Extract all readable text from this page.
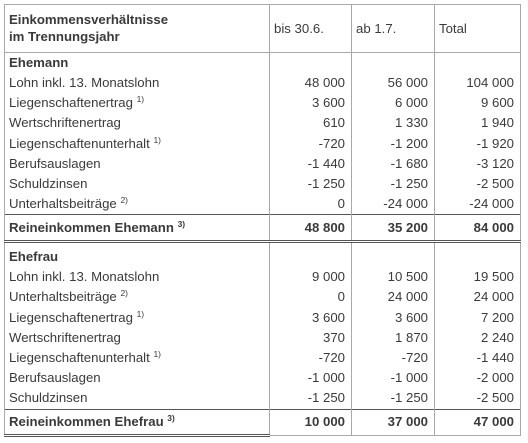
Einkommensverhältnisse
im Trennungsjahr	bis 30.6.	ab 1.7.	Total
Ehemann			
Lohn inkl. 13. Monatslohn	48 000	56 000	104 000
Liegenschaftenertrag $^{1)}$	3 600	6 000	9 600
Wertschriftenertrag	610	1 330	1 940
Liegenschaftenunterhalt $^{1)}$	-720	-1 200	-1 920
Berufsauslagen	-1 440	-1 680	-3 120
Schuldzinsen	-1 250	-1 250	-2 500
Unterhaltsbeiträge $^{2)}$	0	-24 000	-24 000
Reineinkommen Ehemann $^{3)}$	48 800	35 200	84 000

Ehefrau			
Lohn inkl. 13. Monatslohn	9 000	10 500	19 500
Unterhaltsbeiträge $^{2)}$	0	24 000	24 000
Liegenschaftenertrag $^{1)}$	3 600	3 600	7 200
Wertschriftenertrag	370	1 870	2 240
Liegenschaftenunterhalt $^{1)}$	-720	-720	-1 440
Berufsauslagen	-1 000	-1 000	-2 000
Schuldzinsen	-1 250	-1 250	-2 500
Reineinkommen Ehefrau $^{3)}$	10 000	37 000	47 000
